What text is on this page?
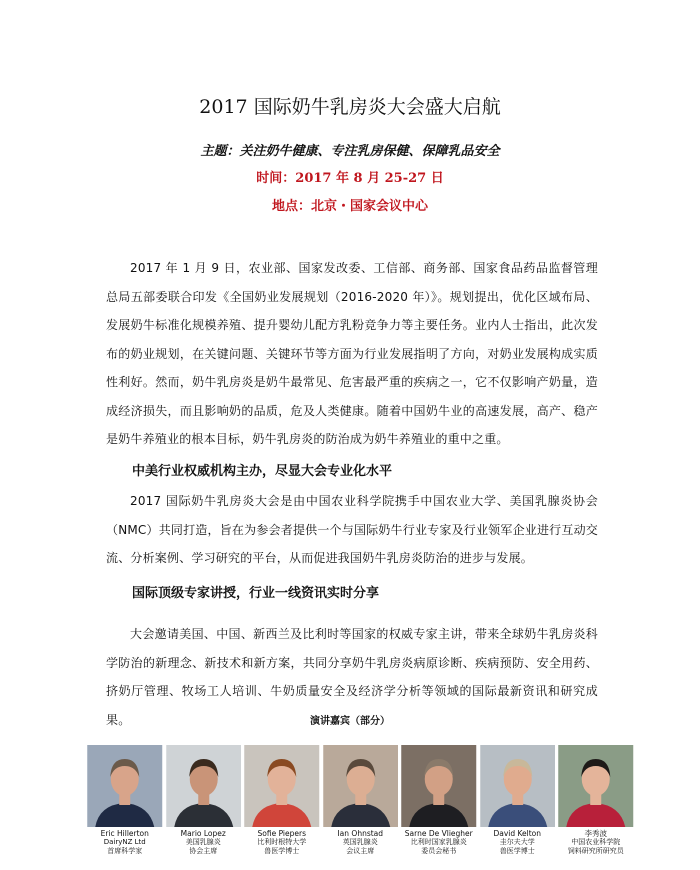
2017 国际奶牛乳房炎大会盛大启航
主题：关注奶牛健康、专注乳房保健、保障乳品安全
时间：2017 年 8 月 25-27 日
地点：北京・国家会议中心

2017 年 1 月 9 日，农业部、国家发改委、工信部、商务部、国家食品药品监督管理总局五部委联合印发《全国奶业发展规划（2016-2020 年）》。规划提出，优化区域布局、发展奶牛标准化规模养殖、提升婴幼儿配方乳粉竞争力等主要任务。业内人士指出，此次发布的奶业规划，在关键问题、关键环节等方面为行业发展指明了方向，对奶业发展构成实质性利好。然而，奶牛乳房炎是奶牛最常见、危害最严重的疾病之一，它不仅影响产奶量，造成经济损失，而且影响奶的品质，危及人类健康。随着中国奶牛业的高速发展，高产、稳产是奶牛养殖业的根本目标，奶牛乳房炎的防治成为奶牛养殖业的重中之重。

中美行业权威机构主办，尽显大会专业化水平

2017 国际奶牛乳房炎大会是由中国农业科学院携手中国农业大学、美国乳腺炎协会（NMC）共同打造，旨在为参会者提供一个与国际奶牛行业专家及行业领军企业进行互动交流、分析案例、学习研究的平台，从而促进我国奶牛乳房炎防治的进步与发展。

国际顶级专家讲授，行业一线资讯实时分享

大会邀请美国、中国、新西兰及比利时等国家的权威专家主讲，带来全球奶牛乳房炎科学防治的新理念、新技术和新方案，共同分享奶牛乳房炎病原诊断、疾病预防、安全用药、挤奶厅管理、牧场工人培训、牛奶质量安全及经济学分析等领域的国际最新资讯和研究成果。	演讲嘉宾（部分）
Eric Hillerton
DairyNZ Ltd
首席科学家
Mario Lopez
美国乳腺炎
协会主席
Sofie Piepers
比利时根特大学
兽医学博士
Ian Ohnstad
英国乳腺炎
会议主席
Sarne De Vliegher
比利时国家乳腺炎
委员会秘书
David Kelton
圭尔夫大学
兽医学博士
李秀波
中国农业科学院
饲料研究所研究员
